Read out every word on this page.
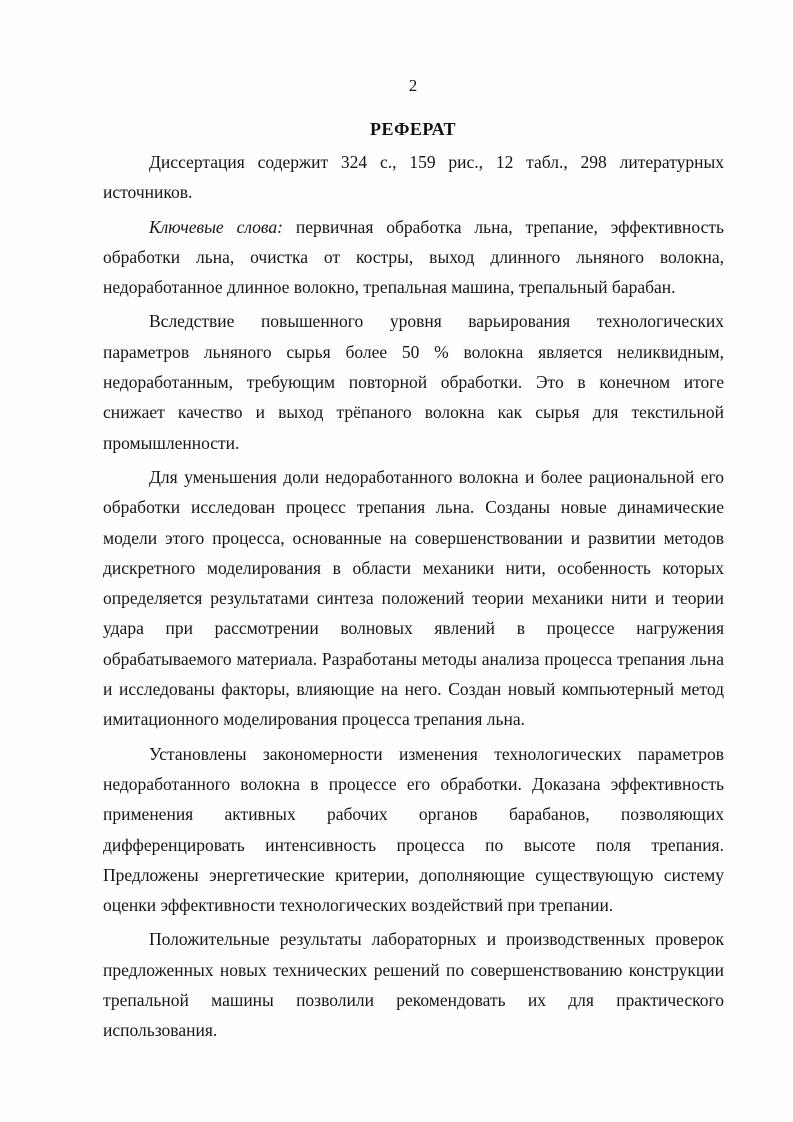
2
РЕФЕРАТ

Диссертация содержит 324 с., 159 рис., 12 табл., 298 литературных источников.

Ключевые слова: первичная обработка льна, трепание, эффективность обработки льна, очистка от костры, выход длинного льняного волокна, недоработанное длинное волокно, трепальная машина, трепальный барабан.

Вследствие повышенного уровня варьирования технологических параметров льняного сырья более 50 % волокна является неликвидным, недоработанным, требующим повторной обработки. Это в конечном итоге снижает качество и выход трёпаного волокна как сырья для текстильной промышленности.

Для уменьшения доли недоработанного волокна и более рациональной его обработки исследован процесс трепания льна. Созданы новые динамические модели этого процесса, основанные на совершенствовании и развитии методов дискретного моделирования в области механики нити, особенность которых определяется результатами синтеза положений теории механики нити и теории удара при рассмотрении волновых явлений в процессе нагружения обрабатываемого материала. Разработаны методы анализа процесса трепания льна и исследованы факторы, влияющие на него. Создан новый компьютерный метод имитационного моделирования процесса трепания льна.

Установлены закономерности изменения технологических параметров недоработанного волокна в процессе его обработки. Доказана эффективность применения активных рабочих органов барабанов, позволяющих дифференцировать интенсивность процесса по высоте поля трепания. Предложены энергетические критерии, дополняющие существующую систему оценки эффективности технологических воздействий при трепании.

Положительные результаты лабораторных и производственных проверок предложенных новых технических решений по совершенствованию конструкции трепальной машины позволили рекомендовать их для практического использования.
